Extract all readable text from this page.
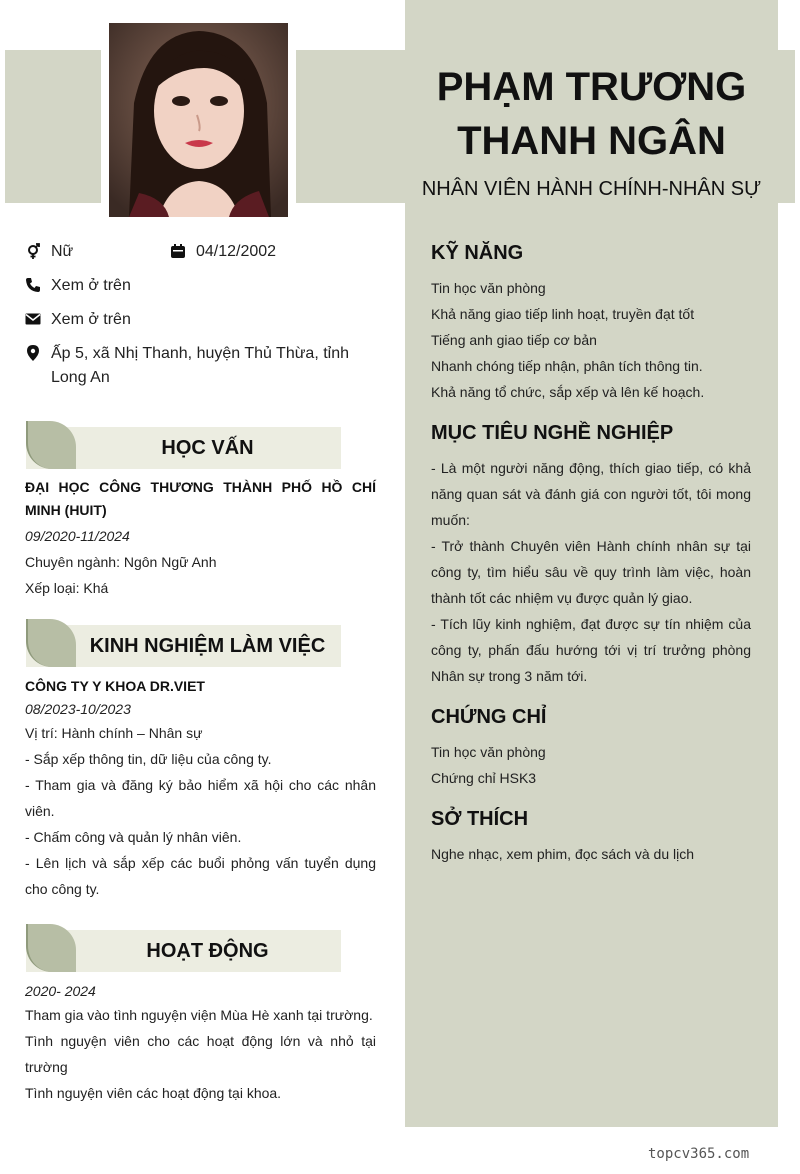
PHẠM TRƯƠNG
THANH NGÂN
NHÂN VIÊN HÀNH CHÍNH-NHÂN SỰ
Nữ	04/12/2002
Xem ở trên
Xem ở trên
Ấp 5, xã Nhị Thanh, huyện Thủ Thừa, tỉnh Long An
HỌC VẤN
ĐẠI HỌC CÔNG THƯƠNG THÀNH PHỐ HỒ CHÍ MINH (HUIT)
09/2020-11/2024
Chuyên ngành: Ngôn Ngữ Anh
Xếp loại: Khá
KINH NGHIỆM LÀM VIỆC
CÔNG TY Y KHOA DR.VIET
08/2023-10/2023
Vị trí: Hành chính – Nhân sự
- Sắp xếp thông tin, dữ liệu của công ty.
- Tham gia và đăng ký bảo hiểm xã hội cho các nhân viên.
- Chấm công và quản lý nhân viên.
- Lên lịch và sắp xếp các buổi phỏng vấn tuyển dụng cho công ty.
HOẠT ĐỘNG
2020- 2024
Tham gia vào tình nguyện viện Mùa Hè xanh tại trường.
Tình nguyện viên cho các hoạt động lớn và nhỏ tại trường
Tình nguyện viên các hoạt động tại khoa.
KỸ NĂNG
Tin học văn phòng
Khả năng giao tiếp linh hoạt, truyền đạt tốt
Tiếng anh giao tiếp cơ bản
Nhanh chóng tiếp nhận, phân tích thông tin.
Khả năng tổ chức, sắp xếp và lên kế hoạch.
MỤC TIÊU NGHỀ NGHIỆP
- Là một người năng động, thích giao tiếp, có khả năng quan sát và đánh giá con người tốt, tôi mong muốn:
- Trở thành Chuyên viên Hành chính nhân sự tại công ty, tìm hiểu sâu về quy trình làm việc, hoàn thành tốt các nhiệm vụ được quản lý giao.
- Tích lũy kinh nghiệm, đạt được sự tín nhiệm của công ty, phấn đấu hướng tới vị trí trưởng phòng Nhân sự trong 3 năm tới.
CHỨNG CHỈ
Tin học văn phòng
Chứng chỉ HSK3
SỞ THÍCH
Nghe nhạc, xem phim, đọc sách và du lịch
topcv365.com
